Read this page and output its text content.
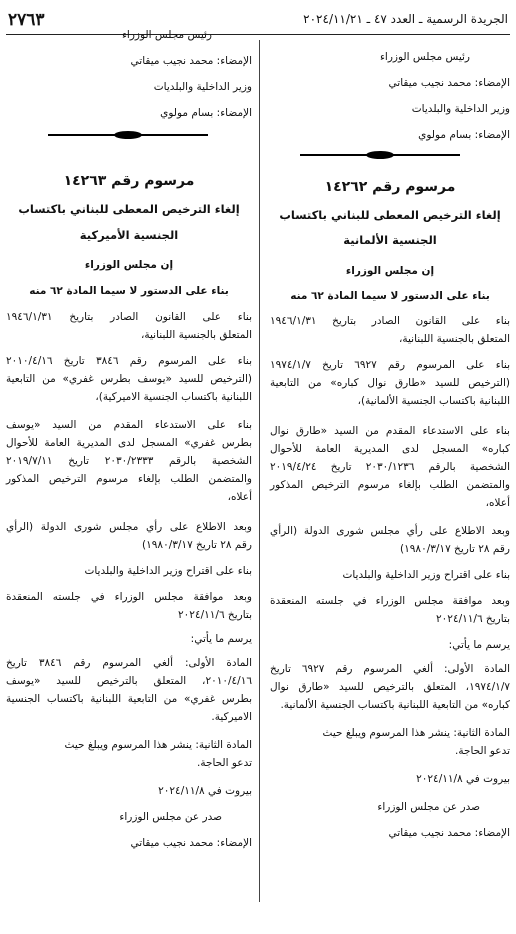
٢٧٦٣	الجريدة الرسمية ـ العدد ٤٧ ـ ٢٠٢٤/١١/٢١
رئيس مجلس الوزراء
الإمضاء: محمد نجيب ميقاتي
وزير الداخلية والبلديات
الإمضاء: بسام مولوي
مرسوم رقم ١٤٢٦٢
إلغاء الترخيص المعطى للبناني باكتساب
الجنسية الألمانية
إن مجلس الوزراء
بناء على الدستور لا سيما المادة ٦٢ منه
بناء على القانون الصادر بتاريخ ١٩٤٦/١/٣١
المتعلق بالجنسية اللبنانية،
بناء على المرسوم رقم ٦٩٢٧ تاريخ ١٩٧٤/١/٧
(الترخيص للسيد «طارق نوال كباره» من التابعية
اللبنانية باكتساب الجنسية الألمانية)،
بناء على الاستدعاء المقدم من السيد «طارق نوال
كباره» المسجل لدى المديرية العامة للأحوال
الشخصية بالرقم ٢٠٣٠/١٢٣٦ تاريخ ٢٠١٩/٤/٢٤
والمتضمن الطلب بإلغاء مرسوم الترخيص المذكور
أعلاه،
وبعد الاطلاع على رأي مجلس شورى الدولة (الرأي
رقم ٢٨ تاريخ ١٩٨٠/٣/١٧)
بناء على اقتراح وزير الداخلية والبلديات
وبعد موافقة مجلس الوزراء في جلسته المنعقدة
بتاريخ ٢٠٢٤/١١/٦
يرسم ما يأتي:
المادة الأولى: ألغي المرسوم رقم ٦٩٢٧ تاريخ
١٩٧٤/١/٧، المتعلق بالترخيص للسيد «طارق نوال
كباره» من التابعية اللبنانية باكتساب الجنسية الألمانية.
المادة الثانية: ينشر هذا المرسوم ويبلغ حيث
تدعو الحاجة.
بيروت في ٢٠٢٤/١١/٨
صدر عن مجلس الوزراء
الإمضاء: محمد نجيب ميقاتي
رئيس مجلس الوزراء
الإمضاء: محمد نجيب ميقاتي
وزير الداخلية والبلديات
الإمضاء: بسام مولوي
مرسوم رقم ١٤٢٦٣
إلغاء الترخيص المعطى للبناني باكتساب
الجنسية الأميركية
إن مجلس الوزراء
بناء على الدستور لا سيما المادة ٦٢ منه
بناء على القانون الصادر بتاريخ ١٩٤٦/١/٣١
المتعلق بالجنسية اللبنانية،
بناء على المرسوم رقم ٣٨٤٦ تاريخ ٢٠١٠/٤/١٦
(الترخيص للسيد «يوسف بطرس غفري» من التابعية
اللبنانية باكتساب الجنسية الاميركية)،
بناء على الاستدعاء المقدم من السيد «يوسف
بطرس غفري» المسجل لدى المديرية العامة للأحوال
الشخصية بالرقم ٢٠٣٠/٢٣٣٣ تاريخ ٢٠١٩/٧/١١
والمتضمن الطلب بإلغاء مرسوم الترخيص المذكور
أعلاه،
وبعد الاطلاع على رأي مجلس شورى الدولة (الرأي
رقم ٢٨ تاريخ ١٩٨٠/٣/١٧)
بناء على اقتراح وزير الداخلية والبلديات
وبعد موافقة مجلس الوزراء في جلسته المنعقدة
بتاريخ ٢٠٢٤/١١/٦
يرسم ما يأتي:
المادة الأولى: ألغي المرسوم رقم ٣٨٤٦ تاريخ
٢٠١٠/٤/١٦، المتعلق بالترخيص للسيد «يوسف
بطرس غفري» من التابعية اللبنانية باكتساب الجنسية
الاميركية.
المادة الثانية: ينشر هذا المرسوم ويبلغ حيث
تدعو الحاجة.
بيروت في ٢٠٢٤/١١/٨
صدر عن مجلس الوزراء
الإمضاء: محمد نجيب ميقاتي
